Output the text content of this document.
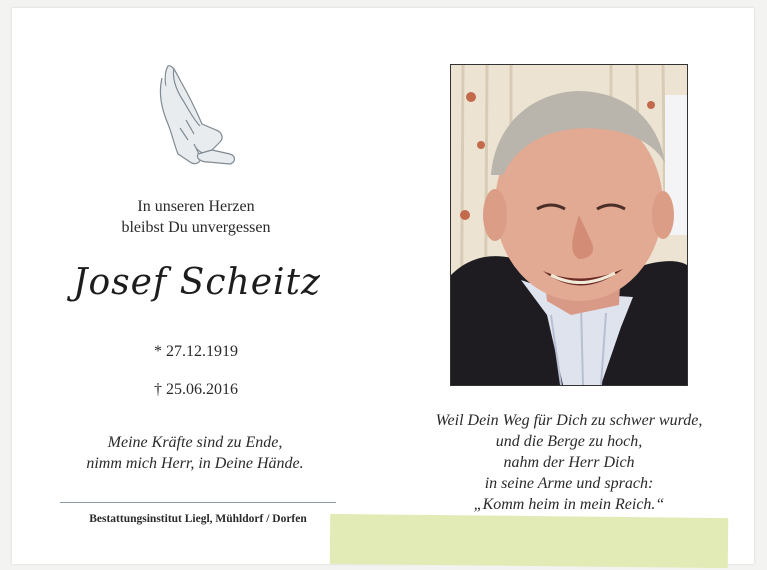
In unseren Herzen
bleibst Du unvergessen
Josef Scheitz
* 27.12.1919
† 25.06.2016
Meine Kräfte sind zu Ende,
nimm mich Herr, in Deine Hände.
Bestattungsinstitut Liegl, Mühldorf / Dorfen
Weil Dein Weg für Dich zu schwer wurde,
und die Berge zu hoch,
nahm der Herr Dich
in seine Arme und sprach:
„Komm heim in mein Reich.“
